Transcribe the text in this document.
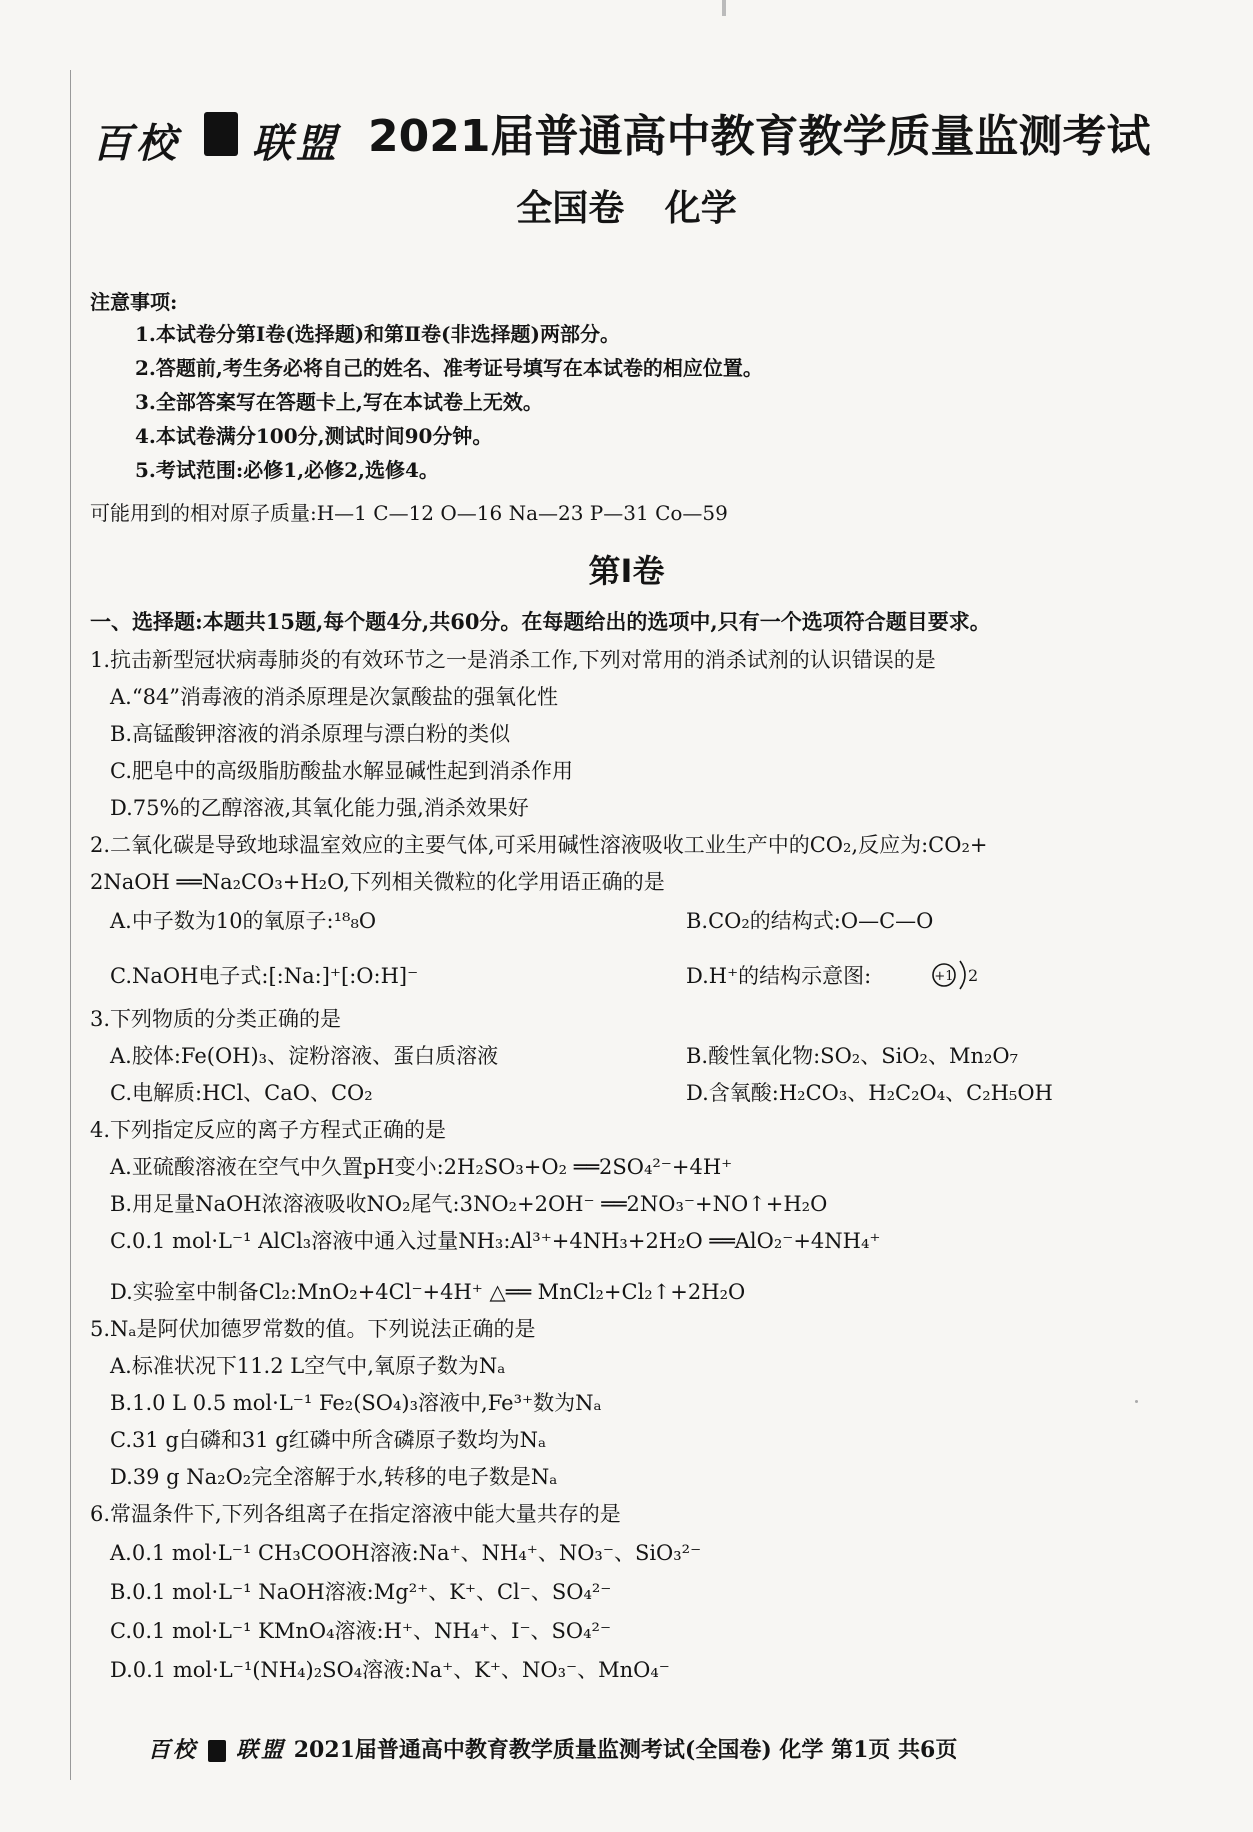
百校 联盟 2021届普通高中教育教学质量监测考试
全国卷 化学
注意事项:
1.本试卷分第Ⅰ卷(选择题)和第Ⅱ卷(非选择题)两部分。
2.答题前,考生务必将自己的姓名、准考证号填写在本试卷的相应位置。
3.全部答案写在答题卡上,写在本试卷上无效。
4.本试卷满分100分,测试时间90分钟。
5.考试范围:必修1,必修2,选修4。
可能用到的相对原子质量:H—1 C—12 O—16 Na—23 P—31 Co—59
第Ⅰ卷
一、选择题:本题共15题,每个题4分,共60分。在每题给出的选项中,只有一个选项符合题目要求。
1.抗击新型冠状病毒肺炎的有效环节之一是消杀工作,下列对常用的消杀试剂的认识错误的是
A.“84”消毒液的消杀原理是次氯酸盐的强氧化性
B.高锰酸钾溶液的消杀原理与漂白粉的类似
C.肥皂中的高级脂肪酸盐水解显碱性起到消杀作用
D.75%的乙醇溶液,其氧化能力强,消杀效果好
2.二氧化碳是导致地球温室效应的主要气体,可采用碱性溶液吸收工业生产中的CO₂,反应为:CO₂+
2NaOH ══Na₂CO₃+H₂O,下列相关微粒的化学用语正确的是
A.中子数为10的氧原子:¹⁸₈O	B.CO₂的结构式:O—C—O
C.NaOH电子式:[:Na:]⁺[:O:H]⁻	D.H⁺的结构示意图:	+1 2
3.下列物质的分类正确的是
A.胶体:Fe(OH)₃、淀粉溶液、蛋白质溶液	B.酸性氧化物:SO₂、SiO₂、Mn₂O₇
C.电解质:HCl、CaO、CO₂	D.含氧酸:H₂CO₃、H₂C₂O₄、C₂H₅OH
4.下列指定反应的离子方程式正确的是
A.亚硫酸溶液在空气中久置pH变小:2H₂SO₃+O₂ ══2SO₄²⁻+4H⁺
B.用足量NaOH浓溶液吸收NO₂尾气:3NO₂+2OH⁻ ══2NO₃⁻+NO↑+H₂O
C.0.1 mol·L⁻¹ AlCl₃溶液中通入过量NH₃:Al³⁺+4NH₃+2H₂O ══AlO₂⁻+4NH₄⁺
D.实验室中制备Cl₂:MnO₂+4Cl⁻+4H⁺ △══ MnCl₂+Cl₂↑+2H₂O
5.Nₐ是阿伏加德罗常数的值。下列说法正确的是
A.标准状况下11.2 L空气中,氧原子数为Nₐ
B.1.0 L 0.5 mol·L⁻¹ Fe₂(SO₄)₃溶液中,Fe³⁺数为Nₐ
C.31 g白磷和31 g红磷中所含磷原子数均为Nₐ
D.39 g Na₂O₂完全溶解于水,转移的电子数是Nₐ
6.常温条件下,下列各组离子在指定溶液中能大量共存的是
A.0.1 mol·L⁻¹ CH₃COOH溶液:Na⁺、NH₄⁺、NO₃⁻、SiO₃²⁻
B.0.1 mol·L⁻¹ NaOH溶液:Mg²⁺、K⁺、Cl⁻、SO₄²⁻
C.0.1 mol·L⁻¹ KMnO₄溶液:H⁺、NH₄⁺、I⁻、SO₄²⁻
D.0.1 mol·L⁻¹(NH₄)₂SO₄溶液:Na⁺、K⁺、NO₃⁻、MnO₄⁻
百校 联盟 2021届普通高中教育教学质量监测考试(全国卷) 化学 第1页 共6页
